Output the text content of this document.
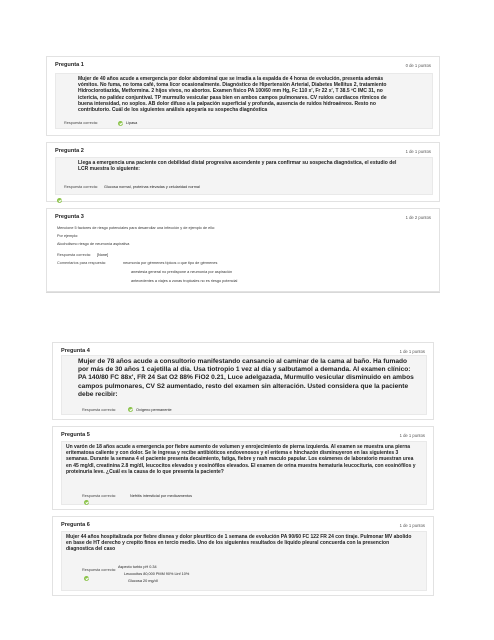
Pregunta 1	0 de 1 puntos
Mujer de 40 años acude a emergencia por dolor abdominal que se irradia a la espalda de 4 horas de evolución, presenta además vómitos. No fuma, no toma café, toma licor ocasionalmente. Diagnóstico de Hipertensión Arterial, Diabetes Mellitus 2, tratamiento Hidroclorotiazida, Metformina. 2 hijos vivos, no abortos. Examen físico PA 100/60 mm Hg, Fc 110 x', Fr 22 x', T 38.5 ºC IMC 31, no ictericia, no palidez conjuntival. TP murmullo vesicular pasa bien en ambos campos pulmonares. CV ruidos cardiacos rítmicos de buena intensidad, no soplos. AB dolor difuso a la palpación superficial y profunda, ausencia de ruidos hidroaéreos. Resto no contributorio. Cuál de los siguientes análisis apoyaría su sospecha diagnóstica
Respuesta correcta:	Lipasa
Pregunta 2	1 de 1 puntos
Llega a emergencia una paciente con debilidad distal progresiva ascendente y para confirmar su sospecha diagnóstica, el estudio del LCR muestra lo siguiente:
Respuesta correcta: Glucosa normal, proteínas elevadas y celularidad normal
Pregunta 3	1 de 2 puntos
Mencione 5 factores de riesgo potenciales para desarrollar una infección y de ejemplo de ello:
Por ejemplo:
Alcoholismo riesgo de neumonía aspirativa
Respuesta correcta: [None]
Comentarios para respuesta:	neumonía por gérmenes típicos o que tipo de gérmenes
anestesia general no predispone a neumonía por aspiración
antecedentes a viajes a zonas tropicales no es riesgo potencial
Pregunta 4	1 de 1 puntos
Mujer de 78 años acude a consultorio manifestando cansancio al caminar de la cama al baño. Ha fumado por más de 30 años 1 cajetilla al día. Usa tiotropio 1 vez al día y salbutamol a demanda. Al examen clínico: PA 140/80 FC 88x', FR 24 Sat O2 88% FiO2 0.21, Luce adelgazada, Murmullo vesicular disminuido en ambos campos pulmonares, CV S2 aumentado, resto del examen sin alteración. Usted considera que la paciente debe recibir:
Respuesta correcta:	Oxígeno permanente
Pregunta 5	1 de 1 puntos
Un varón de 18 años acude a emergencia por fiebre aumento de volumen y enrojecimiento de pierna izquierda. Al examen se muestra una pierna eritematosa caliente y con dolor. Se le ingresa y recibe antibióticos endovenosos y el eritema e hinchazón disminuyeron en las siguientes 3 semanas. Durante la semana 4 el paciente presenta decaimiento, fatiga, fiebre y rash maculo papular. Los exámenes de laboratorio muestran urea en 45 mg/dl, creatinina 2.8 mg/dl, leucocitos elevados y eosinófilos elevados. El examen de orina muestra hematuria leucocituria, con eosinófilos y proteinuria leve. ¿Cuál es la causa de lo que presenta la paciente?
Respuesta correcta:	Nefritis intersticial por medicamentos
Pregunta 6	1 de 1 puntos
Mujer 44 años hospitalizada por fiebre disnea y dolor pleurítico de 1 semana de evolución PA 90/60 FC 122 FR 24 con tiraje. Pulmonar MV abolido en base de HT derecho y crepito finos en tercio medio. Uno de los siguientes resultados de líquido pleural concuerda con la presencion diagnostica del caso
Respuesta correcta:
Aspecto turbio pH 0.34
Leucocitos 80,000 PMM 90% Linf 10%
Glucosa 20 mg/dl
